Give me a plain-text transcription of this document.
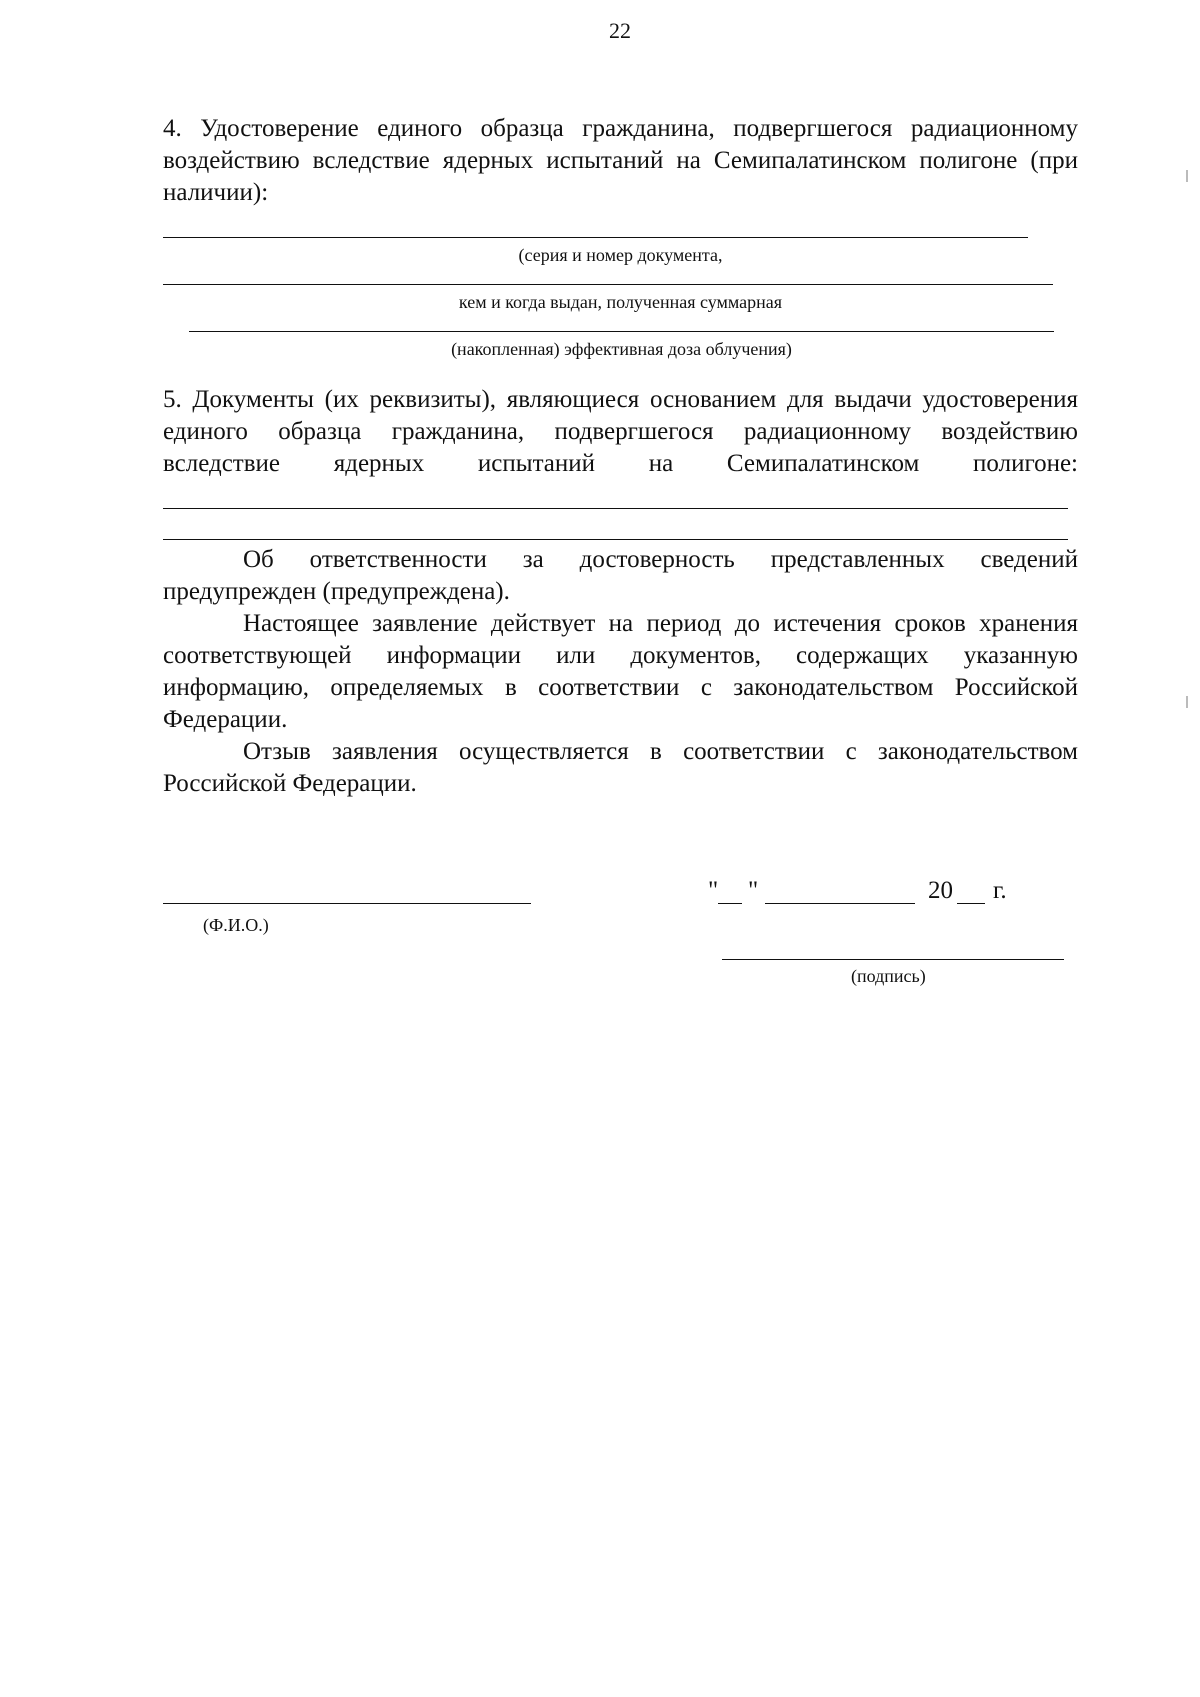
22

4. Удостоверение единого образца гражданина, подвергшегося радиационному воздействию вследствие ядерных испытаний на Семипалатинском полигоне (при наличии):

(серия и номер документа,
кем и когда выдан, полученная суммарная
(накопленная) эффективная доза облучения)

5. Документы (их реквизиты), являющиеся основанием для выдачи удостоверения единого образца гражданина, подвергшегося радиационному воздействию вследствие ядерных испытаний на Семипалатинском полигоне:

Об ответственности за достоверность представленных сведений предупрежден (предупреждена).

Настоящее заявление действует на период до истечения сроков хранения соответствующей информации или документов, содержащих указанную информацию, определяемых в соответствии с законодательством Российской Федерации.

Отзыв заявления осуществляется в соответствии с законодательством Российской Федерации.

(Ф.И.О.)
" "	20 г.
(подпись)
